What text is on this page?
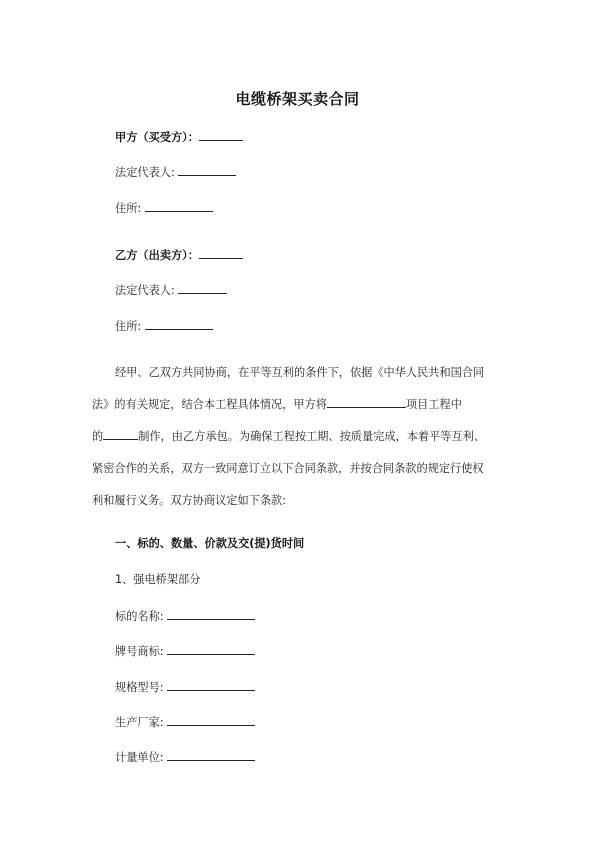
电缆桥架买卖合同
甲方（买受方）：
法定代表人:
住所:
乙方（出卖方）：
法定代表人:
住所:
经甲、乙双方共同协商，在平等互利的条件下，依据《中华人民共和国合同
法》的有关规定，结合本工程具体情况，甲方将	项目工程中
的	制作，由乙方承包。为确保工程按工期、按质量完成，本着平等互利、
紧密合作的关系，双方一致同意订立以下合同条款，并按合同条款的规定行使权
利和履行义务。双方协商议定如下条款:
一、标的、数量、价款及交(提)货时间
1、强电桥架部分
标的名称:
牌号商标:
规格型号:
生产厂家:
计量单位:
